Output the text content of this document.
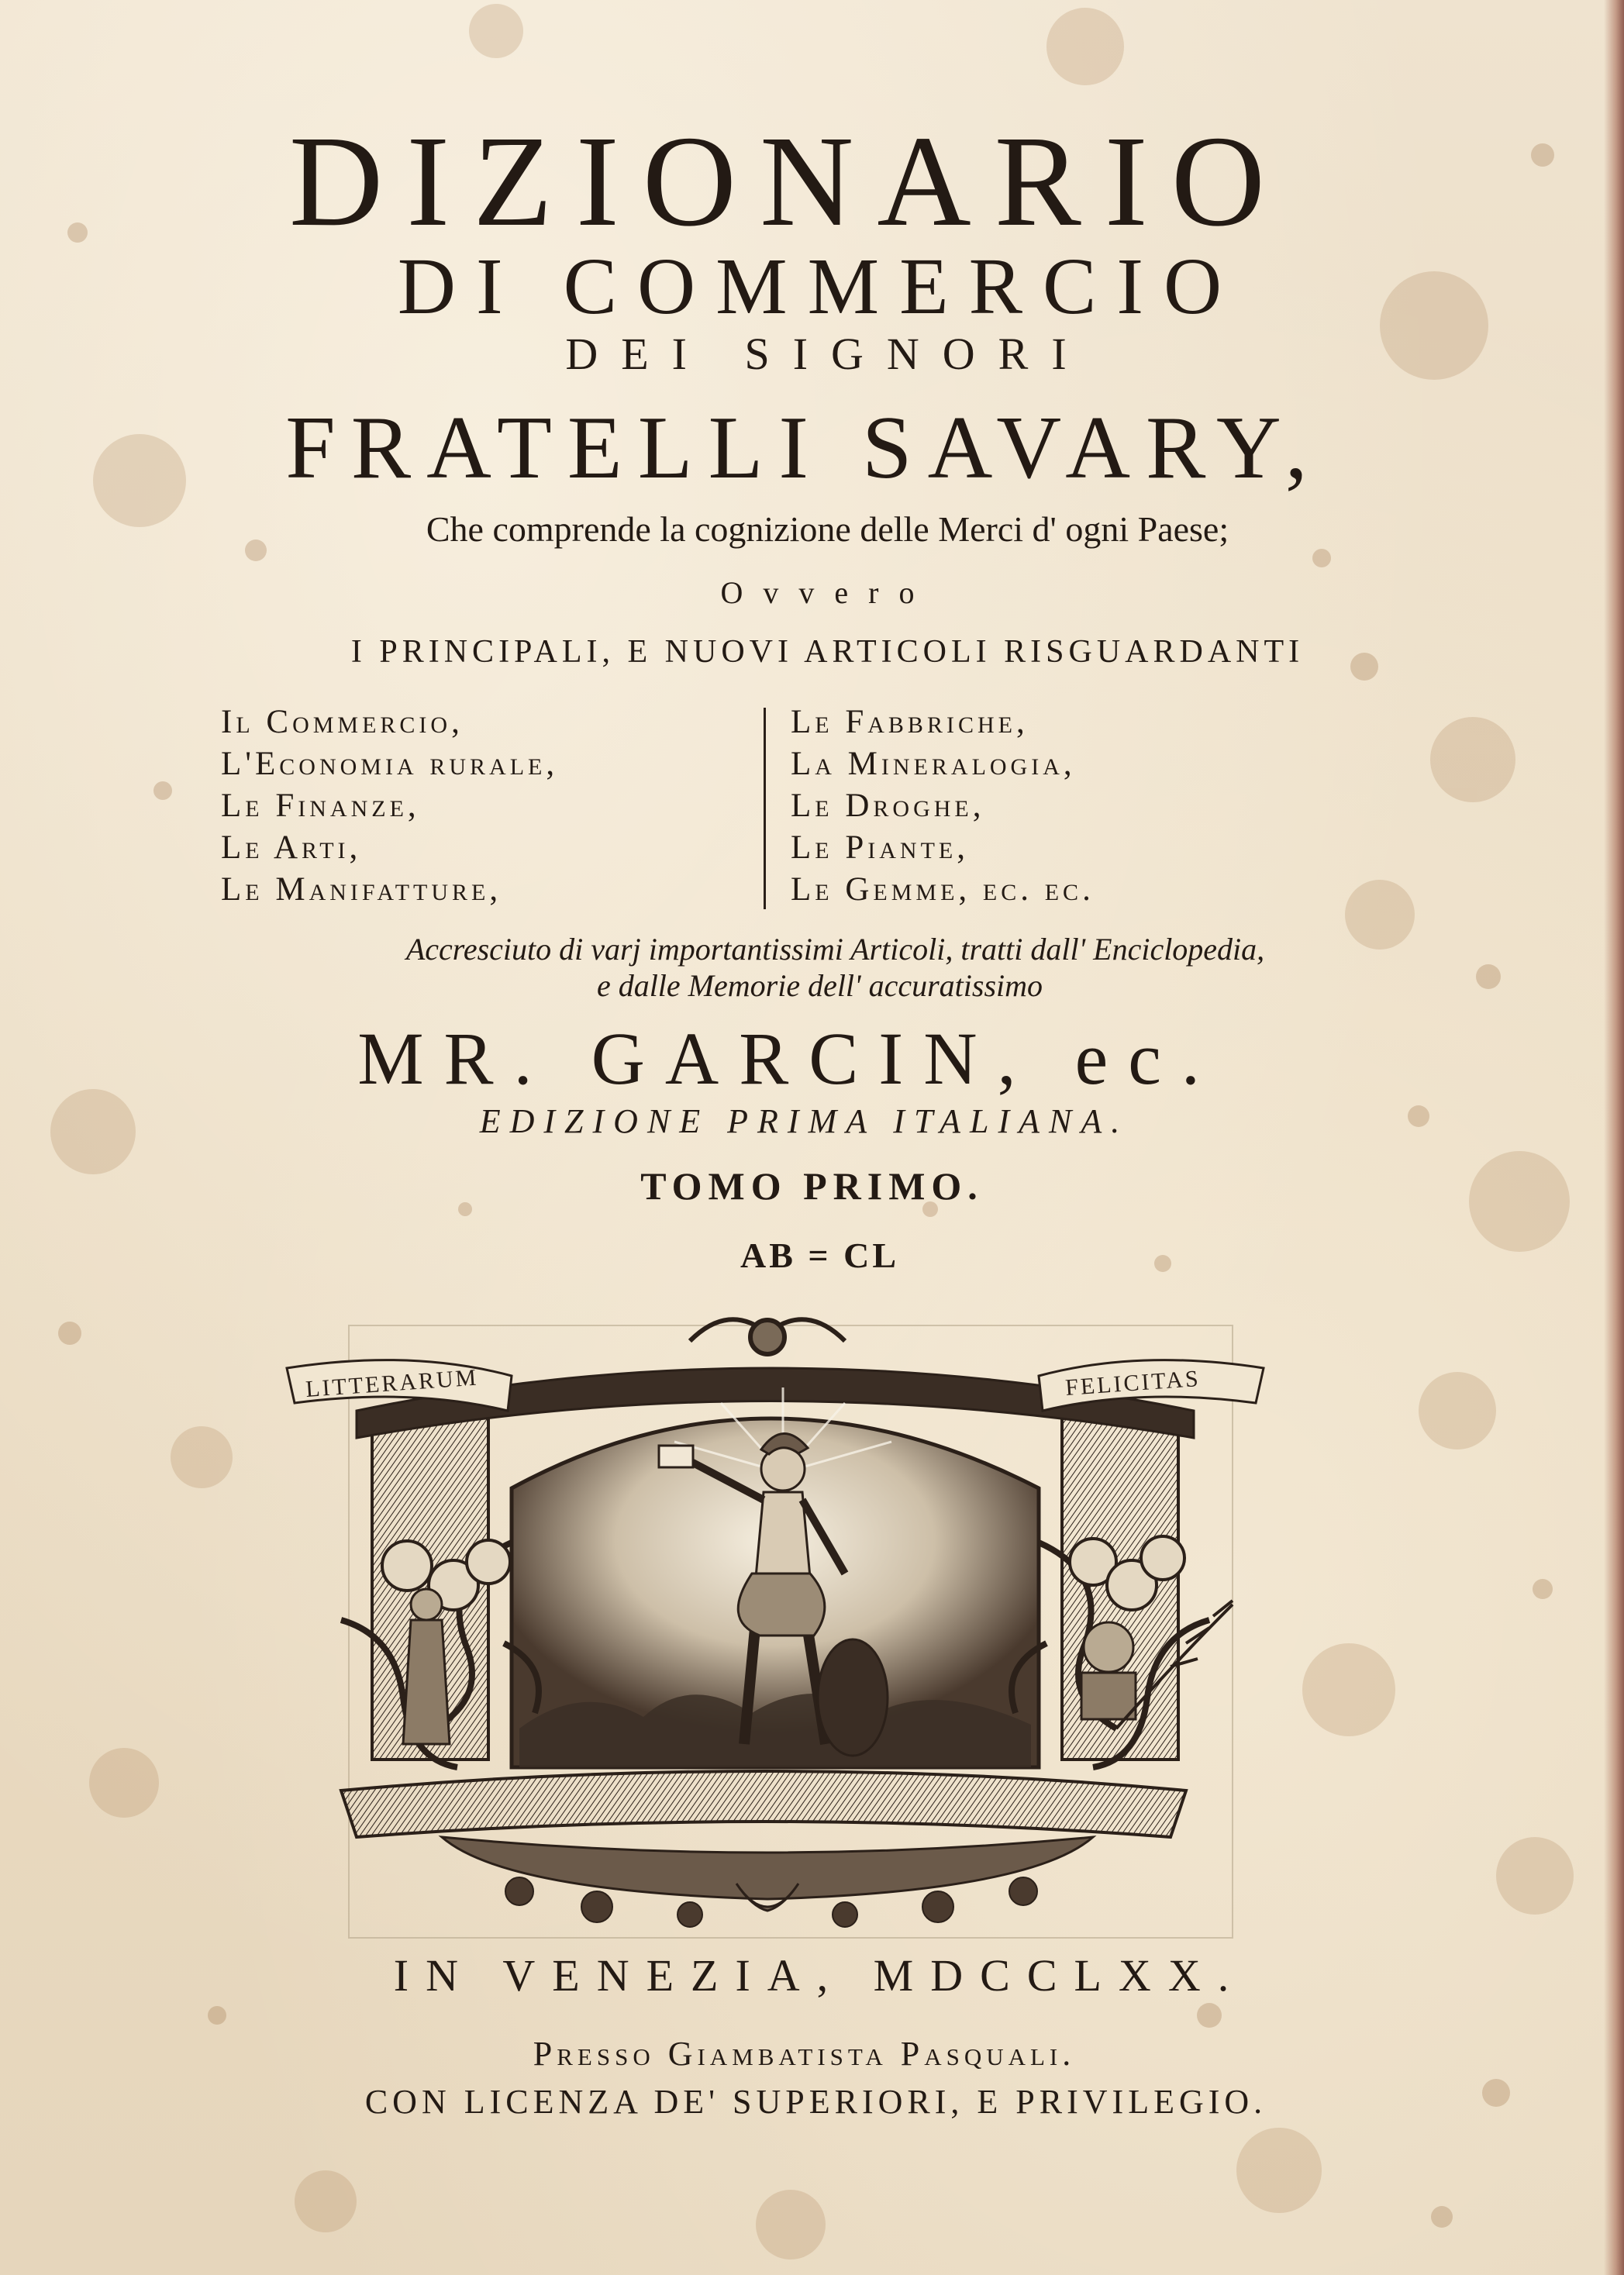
DIZIONARIO
DI COMMERCIO
DEI SIGNORI
FRATELLI SAVARY,
Che comprende la cognizione delle Merci d' ogni Paese;
Ovvero
I PRINCIPALI, E NUOVI ARTICOLI RISGUARDANTI
Il Commercio,
L'Economia rurale,
Le Finanze,
Le Arti,
Le Manifatture,
Le Fabbriche,
La Mineralogia,
Le Droghe,
Le Piante,
Le Gemme, ec. ec.
Accresciuto di varj importantissimi Articoli, tratti dall' Enciclopedia,
e dalle Memorie dell' accuratissimo
MR. GARCIN, ec.
EDIZIONE PRIMA ITALIANA.
TOMO PRIMO.
AB = CL
LITTERARUM	FELICITAS
IN VENEZIA, MDCCLXX.
Presso Giambatista Pasquali.
CON LICENZA DE' SUPERIORI, E PRIVILEGIO.
